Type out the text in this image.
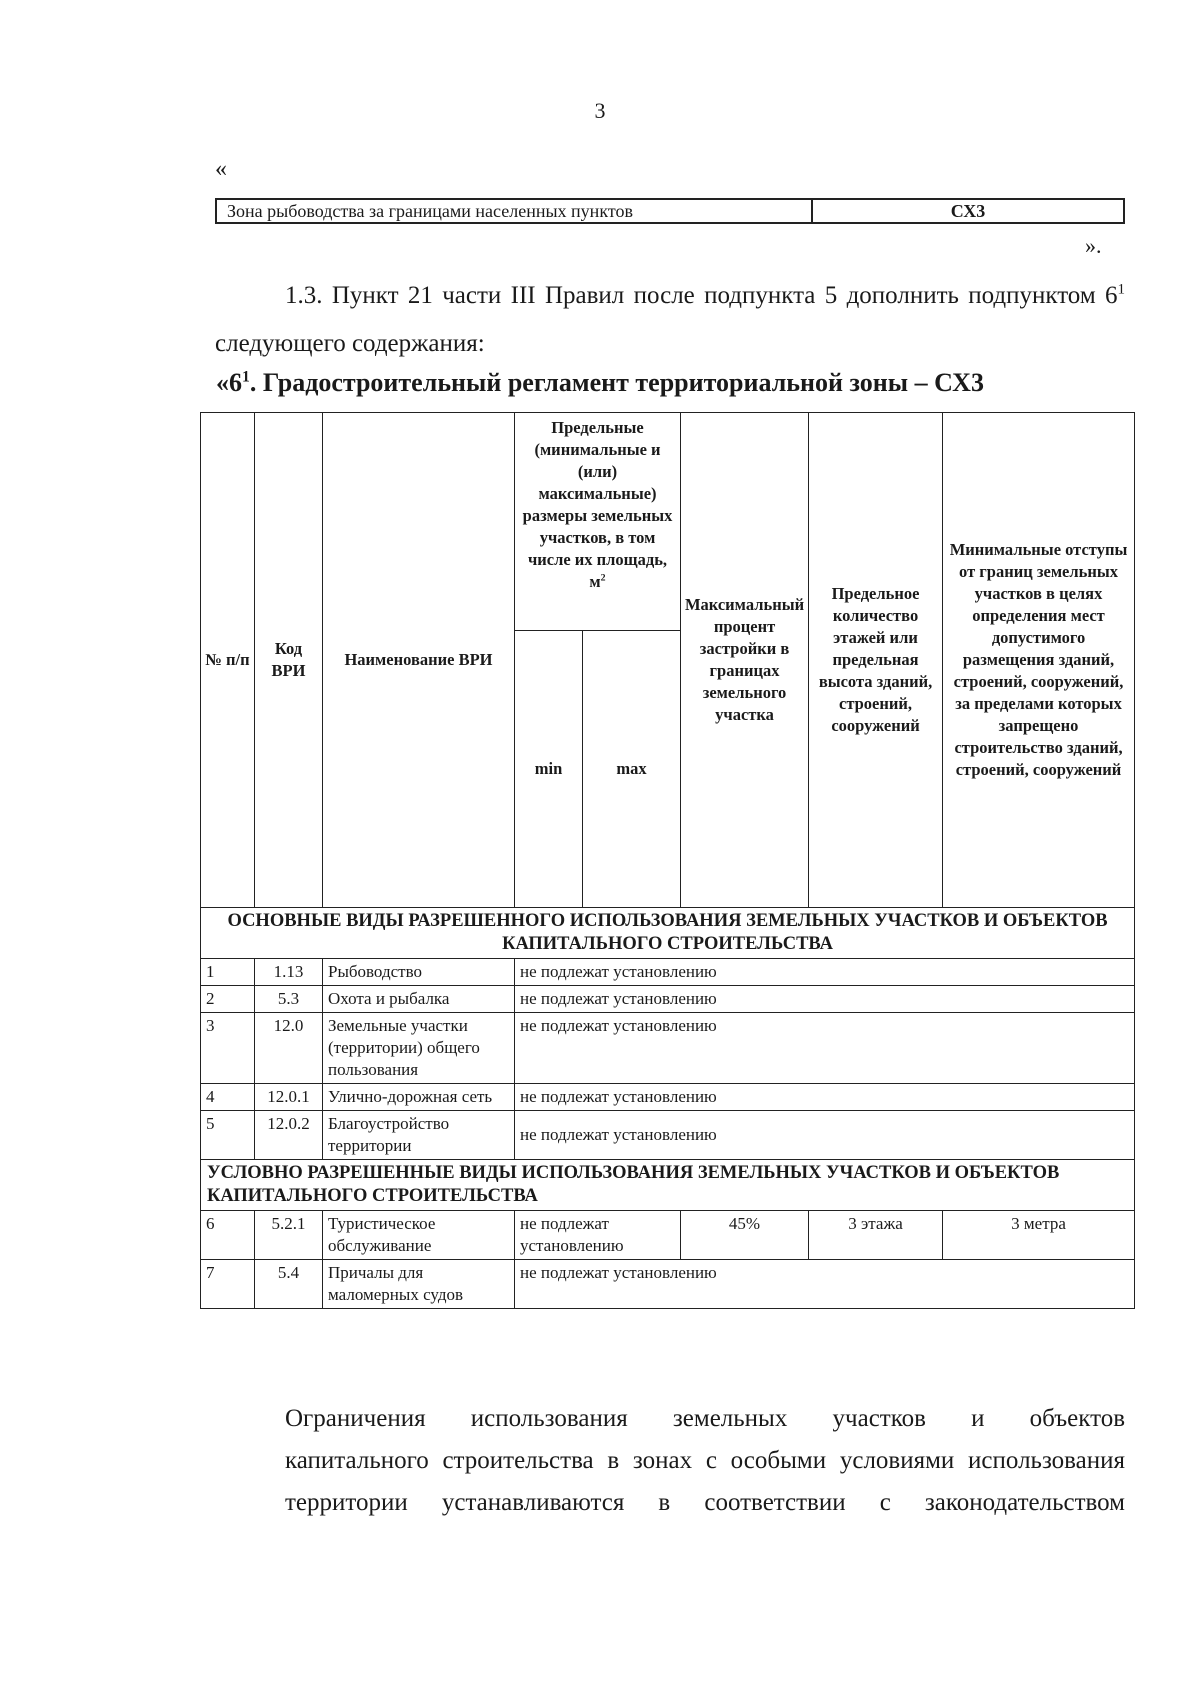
3
«
Зона рыбоводства за границами населенных пунктов	СХ3
».
1.3. Пункт 21 части III Правил после подпункта 5 дополнить подпунктом $6^1$ следующего содержания:
«$6^1$. Градостроительный регламент территориальной зоны – СХ3
№ п/п	Код ВРИ	Наименование ВРИ	Предельные (минимальные и (или) максимальные) размеры земельных участков, в том числе их площадь, $м^2$		Максимальный процент застройки в границах земельного участка	Предельное количество этажей или предельная высота зданий, строений, сооружений	Минимальные отступы от границ земельных участков в целях определения мест допустимого размещения зданий, строений, сооружений, за пределами которых запрещено строительство зданий, строений, сооружений
			min	max			
ОСНОВНЫЕ ВИДЫ РАЗРЕШЕННОГО ИСПОЛЬЗОВАНИЯ ЗЕМЕЛЬНЫХ УЧАСТКОВ И ОБЪЕКТОВ КАПИТАЛЬНОГО СТРОИТЕЛЬСТВА							
1	1.13	Рыбоводство	не подлежат установлению				
2	5.3	Охота и рыбалка	не подлежат установлению				
3	12.0	Земельные участки (территории) общего пользования	не подлежат установлению				
4	12.0.1	Улично-дорожная сеть	не подлежат установлению				
5	12.0.2	Благоустройство территории	не подлежат установлению				
УСЛОВНО РАЗРЕШЕННЫЕ ВИДЫ ИСПОЛЬЗОВАНИЯ ЗЕМЕЛЬНЫХ УЧАСТКОВ И ОБЪЕКТОВ КАПИТАЛЬНОГО СТРОИТЕЛЬСТВА							
6	5.2.1	Туристическое обслуживание	не подлежат установлению		45%	3 этажа	3 метра
7	5.4	Причалы для маломерных судов	не подлежат установлению				
Ограничения использования земельных участков и объектов
капитального строительства в зонах с особыми условиями использования
территории устанавливаются в соответствии с законодательством
